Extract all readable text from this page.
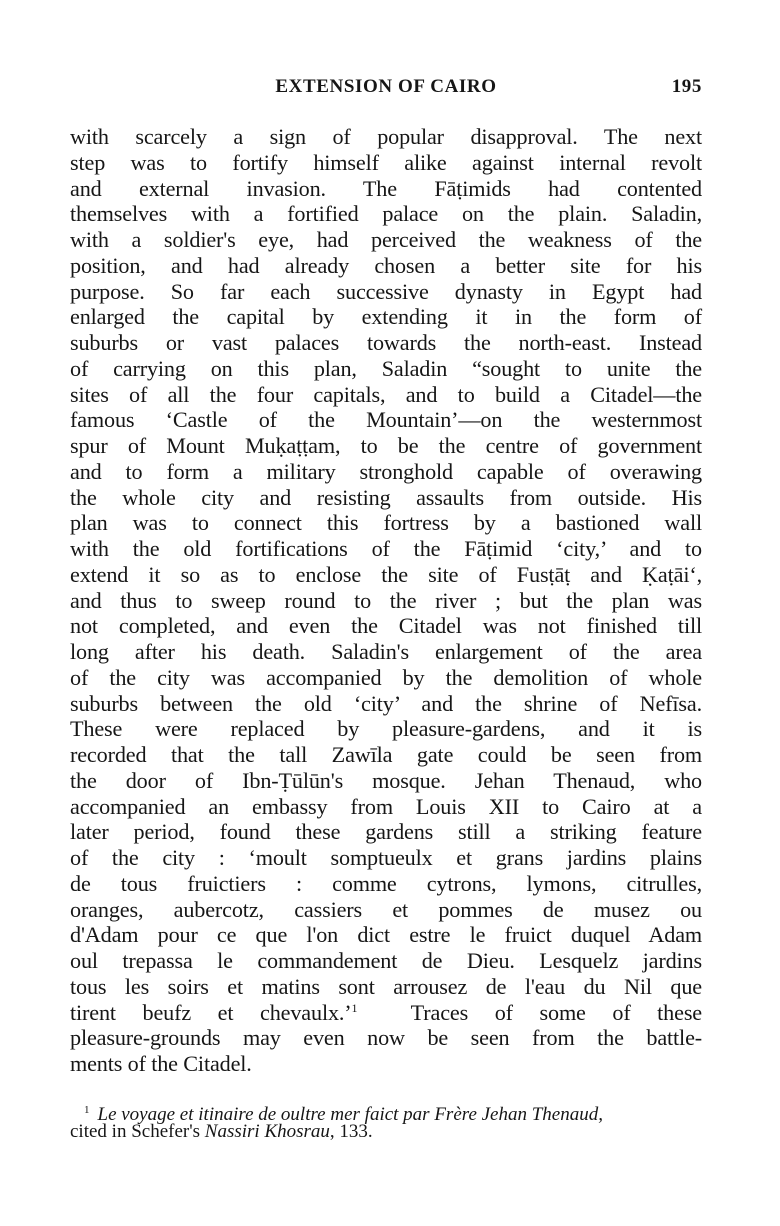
EXTENSION OF CAIRO	195
with scarcely a sign of popular disapproval. The next
step was to fortify himself alike against internal revolt
and external invasion. The Fāṭimids had contented
themselves with a fortified palace on the plain. Saladin,
with a soldier's eye, had perceived the weakness of the
position, and had already chosen a better site for his
purpose. So far each successive dynasty in Egypt had
enlarged the capital by extending it in the form of
suburbs or vast palaces towards the north-east. Instead
of carrying on this plan, Saladin “sought to unite the
sites of all the four capitals, and to build a Citadel—the
famous ‘Castle of the Mountain’—on the westernmost
spur of Mount Muḳaṭṭam, to be the centre of government
and to form a military stronghold capable of overawing
the whole city and resisting assaults from outside. His
plan was to connect this fortress by a bastioned wall
with the old fortifications of the Fāṭimid ‘city,’ and to
extend it so as to enclose the site of Fusṭāṭ and Ḳaṭāi‘,
and thus to sweep round to the river ; but the plan was
not completed, and even the Citadel was not finished till
long after his death. Saladin's enlargement of the area
of the city was accompanied by the demolition of whole
suburbs between the old ‘city’ and the shrine of Nefīsa.
These were replaced by pleasure-gardens, and it is
recorded that the tall Zawīla gate could be seen from
the door of Ibn-Ṭūlūn's mosque. Jehan Thenaud, who
accompanied an embassy from Louis XII to Cairo at a
later period, found these gardens still a striking feature
of the city : ‘moult somptueulx et grans jardins plains
de tous fruictiers : comme cytrons, lymons, citrulles,
oranges, aubercotz, cassiers et pommes de musez ou
d'Adam pour ce que l'on dict estre le fruict duquel Adam
oul trepassa le commandement de Dieu. Lesquelz jardins
tous les soirs et matins sont arrousez de l'eau du Nil que
tirent beufz et chevaulx.’$^1$ Traces of some of these
pleasure-grounds may even now be seen from the battle-
ments of the Citadel.
$^1$ Le voyage et itinaire de oultre mer faict par Frère Jehan Thenaud,
cited in Schefer's Nassiri Khosrau, 133.
